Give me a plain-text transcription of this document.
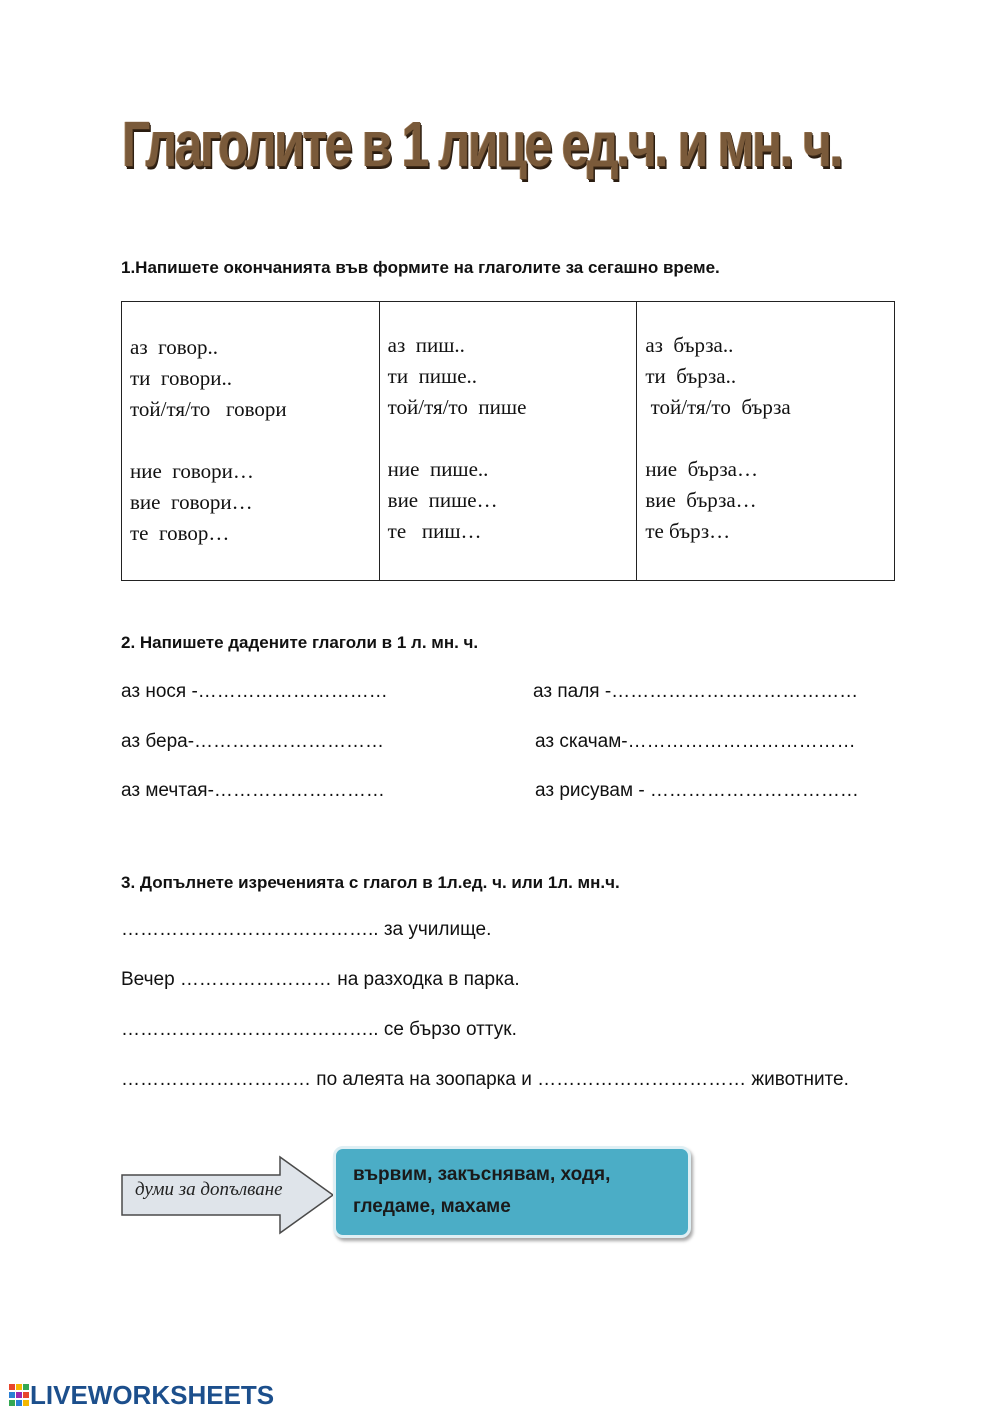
Глаголите в 1 лице ед.ч. и мн. ч.
1.Напишете окончанията във формите на глаголите за сегашно време.
аз  говор..
ти  говори..
той/тя/то   говори
ние  говори…
вие  говори…
те  говор…

аз  пиш..
ти  пише..
той/тя/то  пише
ние  пише..
вие  пише…
те   пиш…

аз  бърза..
ти  бърза..
той/тя/то  бърза
ние  бърза…
вие  бърза…
те бърз…
2. Напишете дадените глаголи в 1 л. мн. ч.
аз нося -…………………………
аз бера-…………………………
аз мечтая-………………………
аз паля -…………………………………
аз скачам-………………………………
аз рисувам - ……………………………
3. Допълнете изреченията с глагол в 1л.ед. ч. или 1л. мн.ч.
………………………………….. за училище.
Вечер …………………… на разходка в парка.
………………………………….. се бързо оттук.
………………………… по алеята на зоопарка и …………………………… животните.
думи за допълване
вървим, закъснявам, ходя, гледаме, махаме
LIVEWORKSHEETS
